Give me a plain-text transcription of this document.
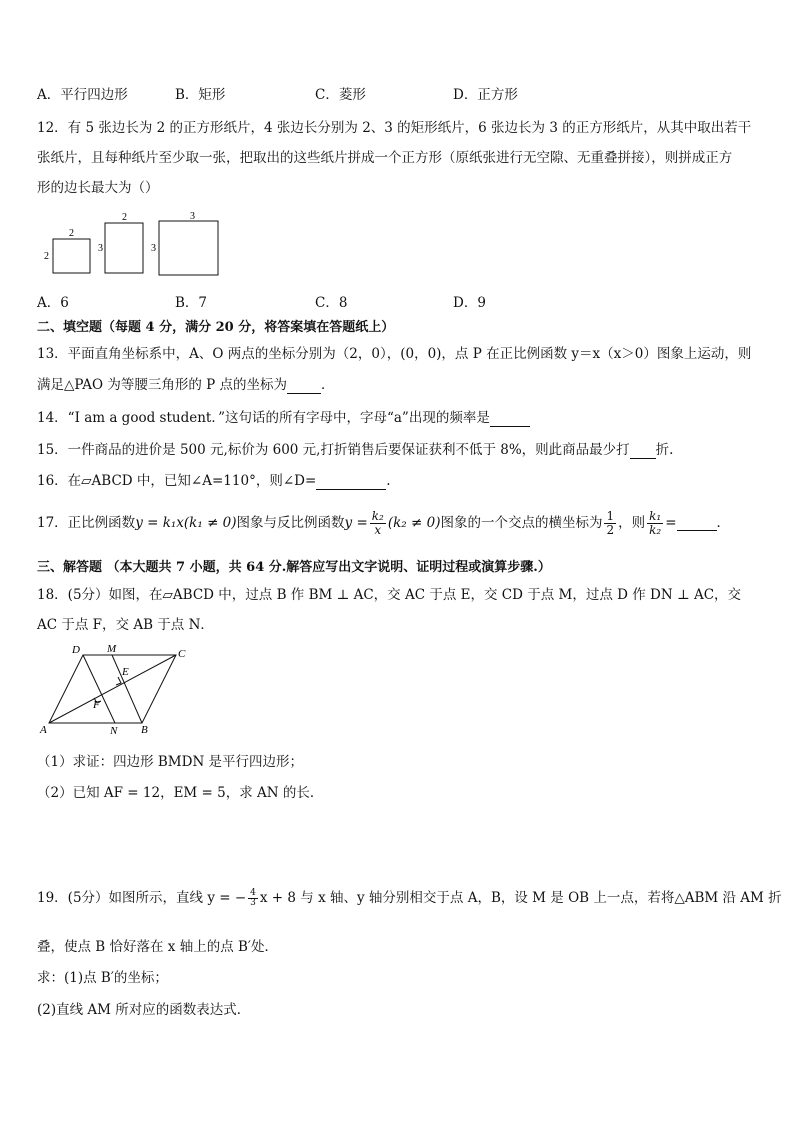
A．平行四边形	B．矩形	C．菱形	D．正方形
12．有 5 张边长为 2 的正方形纸片，4 张边长分别为 2、3 的矩形纸片，6 张边长为 3 的正方形纸片，从其中取出若干
张纸片，且每种纸片至少取一张，把取出的这些纸片拼成一个正方形（原纸张进行无空隙、无重叠拼接），则拼成正方
形的边长最大为（）
2
2
2
3
3
3
A．6	B．7	C．8	D．9
二、填空题（每题 4 分，满分 20 分，将答案填在答题纸上）
13．平面直角坐标系中，A、O 两点的坐标分别为（2，0），(0，0)，点 P 在正比例函数 y＝x（x＞0）图象上运动，则
满足△PAO 为等腰三角形的 P 点的坐标为	．
14．“I am a good student．”这句话的所有字母中，字母“a”出现的频率是
15．一件商品的进价是 500 元,标价为 600 元,打折销售后要保证获利不低于 8%，则此商品最少打 折.
16．在▱ABCD 中，已知∠A=110°，则∠D=	.
17．正比例函数y = k₁x(k₁ ≠ 0)图象与反比例函数$y = \frac{\text{k₂}}{x} (k_2 \ne 0)$图象的一个交点的横坐标为 $\frac{1}{2}$ ，则 $\frac{\text{k₁}}{\text{k₂}}$ =	．
三、解答题 （本大题共 7 小题，共 64 分.解答应写出文字说明、证明过程或演算步骤.）
18．(5分）如图，在▱ABCD 中，过点 B 作 BM ⊥ AC，交 AC 于点 E，交 CD 于点 M，过点 D 作 DN ⊥ AC，交
AC 于点 F，交 AB 于点 N．
D M	C
E
F
A	N B
（1）求证：四边形 BMDN 是平行四边形；
（2）已知 AF = 12，EM = 5，求 AN 的长．
19．(5分）如图所示，直线 y = − $\frac{4}{3}$ x + 8 与 x 轴、y 轴分别相交于点 A，B，设 M 是 OB 上一点，若将△ABM 沿 AM 折
叠，使点 B 恰好落在 x 轴上的点 B′处．
求：(1)点 B′的坐标；
(2)直线 AM 所对应的函数表达式．
